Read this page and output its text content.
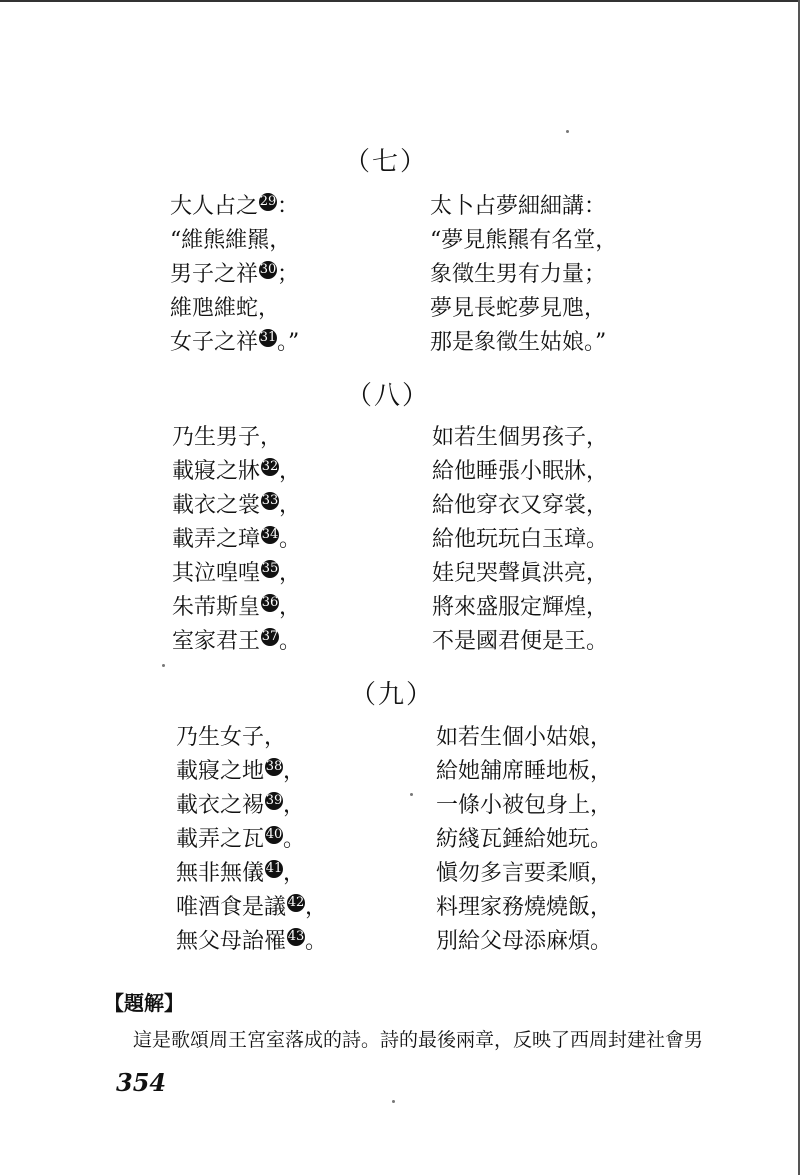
（七）
大人占之 29：
“維熊維羆，
男子之祥 30；
維虺維蛇，
女子之祥 31。”
太卜占夢細細講：
“夢見熊羆有名堂，
象徵生男有力量；
夢見長蛇夢見虺，
那是象徵生姑娘。”
（八）
乃生男子，
載寢之牀 32，
載衣之裳 33，
載弄之璋 34。
其泣喤喤 35，
朱芾斯皇 36，
室家君王 37。
如若生個男孩子，
給他睡張小眠牀，
給他穿衣又穿裳，
給他玩玩白玉璋。
娃兒哭聲眞洪亮，
將來盛服定輝煌，
不是國君便是王。
（九）
乃生女子，
載寢之地 38，
載衣之裼 39，
載弄之瓦 40。
無非無儀 41，
唯酒食是議 42，
無父母詒罹 43。
如若生個小姑娘，
給她舖席睡地板，
一條小被包身上，
紡綫瓦錘給她玩。
愼勿多言要柔順，
料理家務燒燒飯，
別給父母添麻煩。
【題解】
這是歌頌周王宮室落成的詩。詩的最後兩章，反映了西周封建社會男
354
